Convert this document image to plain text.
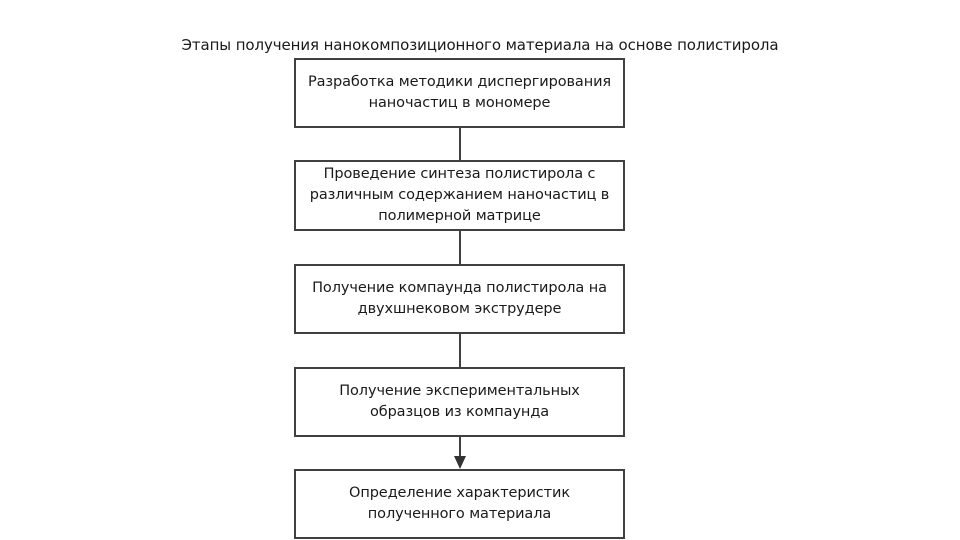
Этапы получения нанокомпозиционного материала на основе полистирола
Разработка методики диспергирования
наночастиц в мономере
Проведение синтеза полистирола с
различным содержанием наночастиц в
полимерной матрице
Получение компаунда полистирола на
двухшнековом экструдере
Получение экспериментальных
образцов из компаунда
Определение характеристик
полученного материала
